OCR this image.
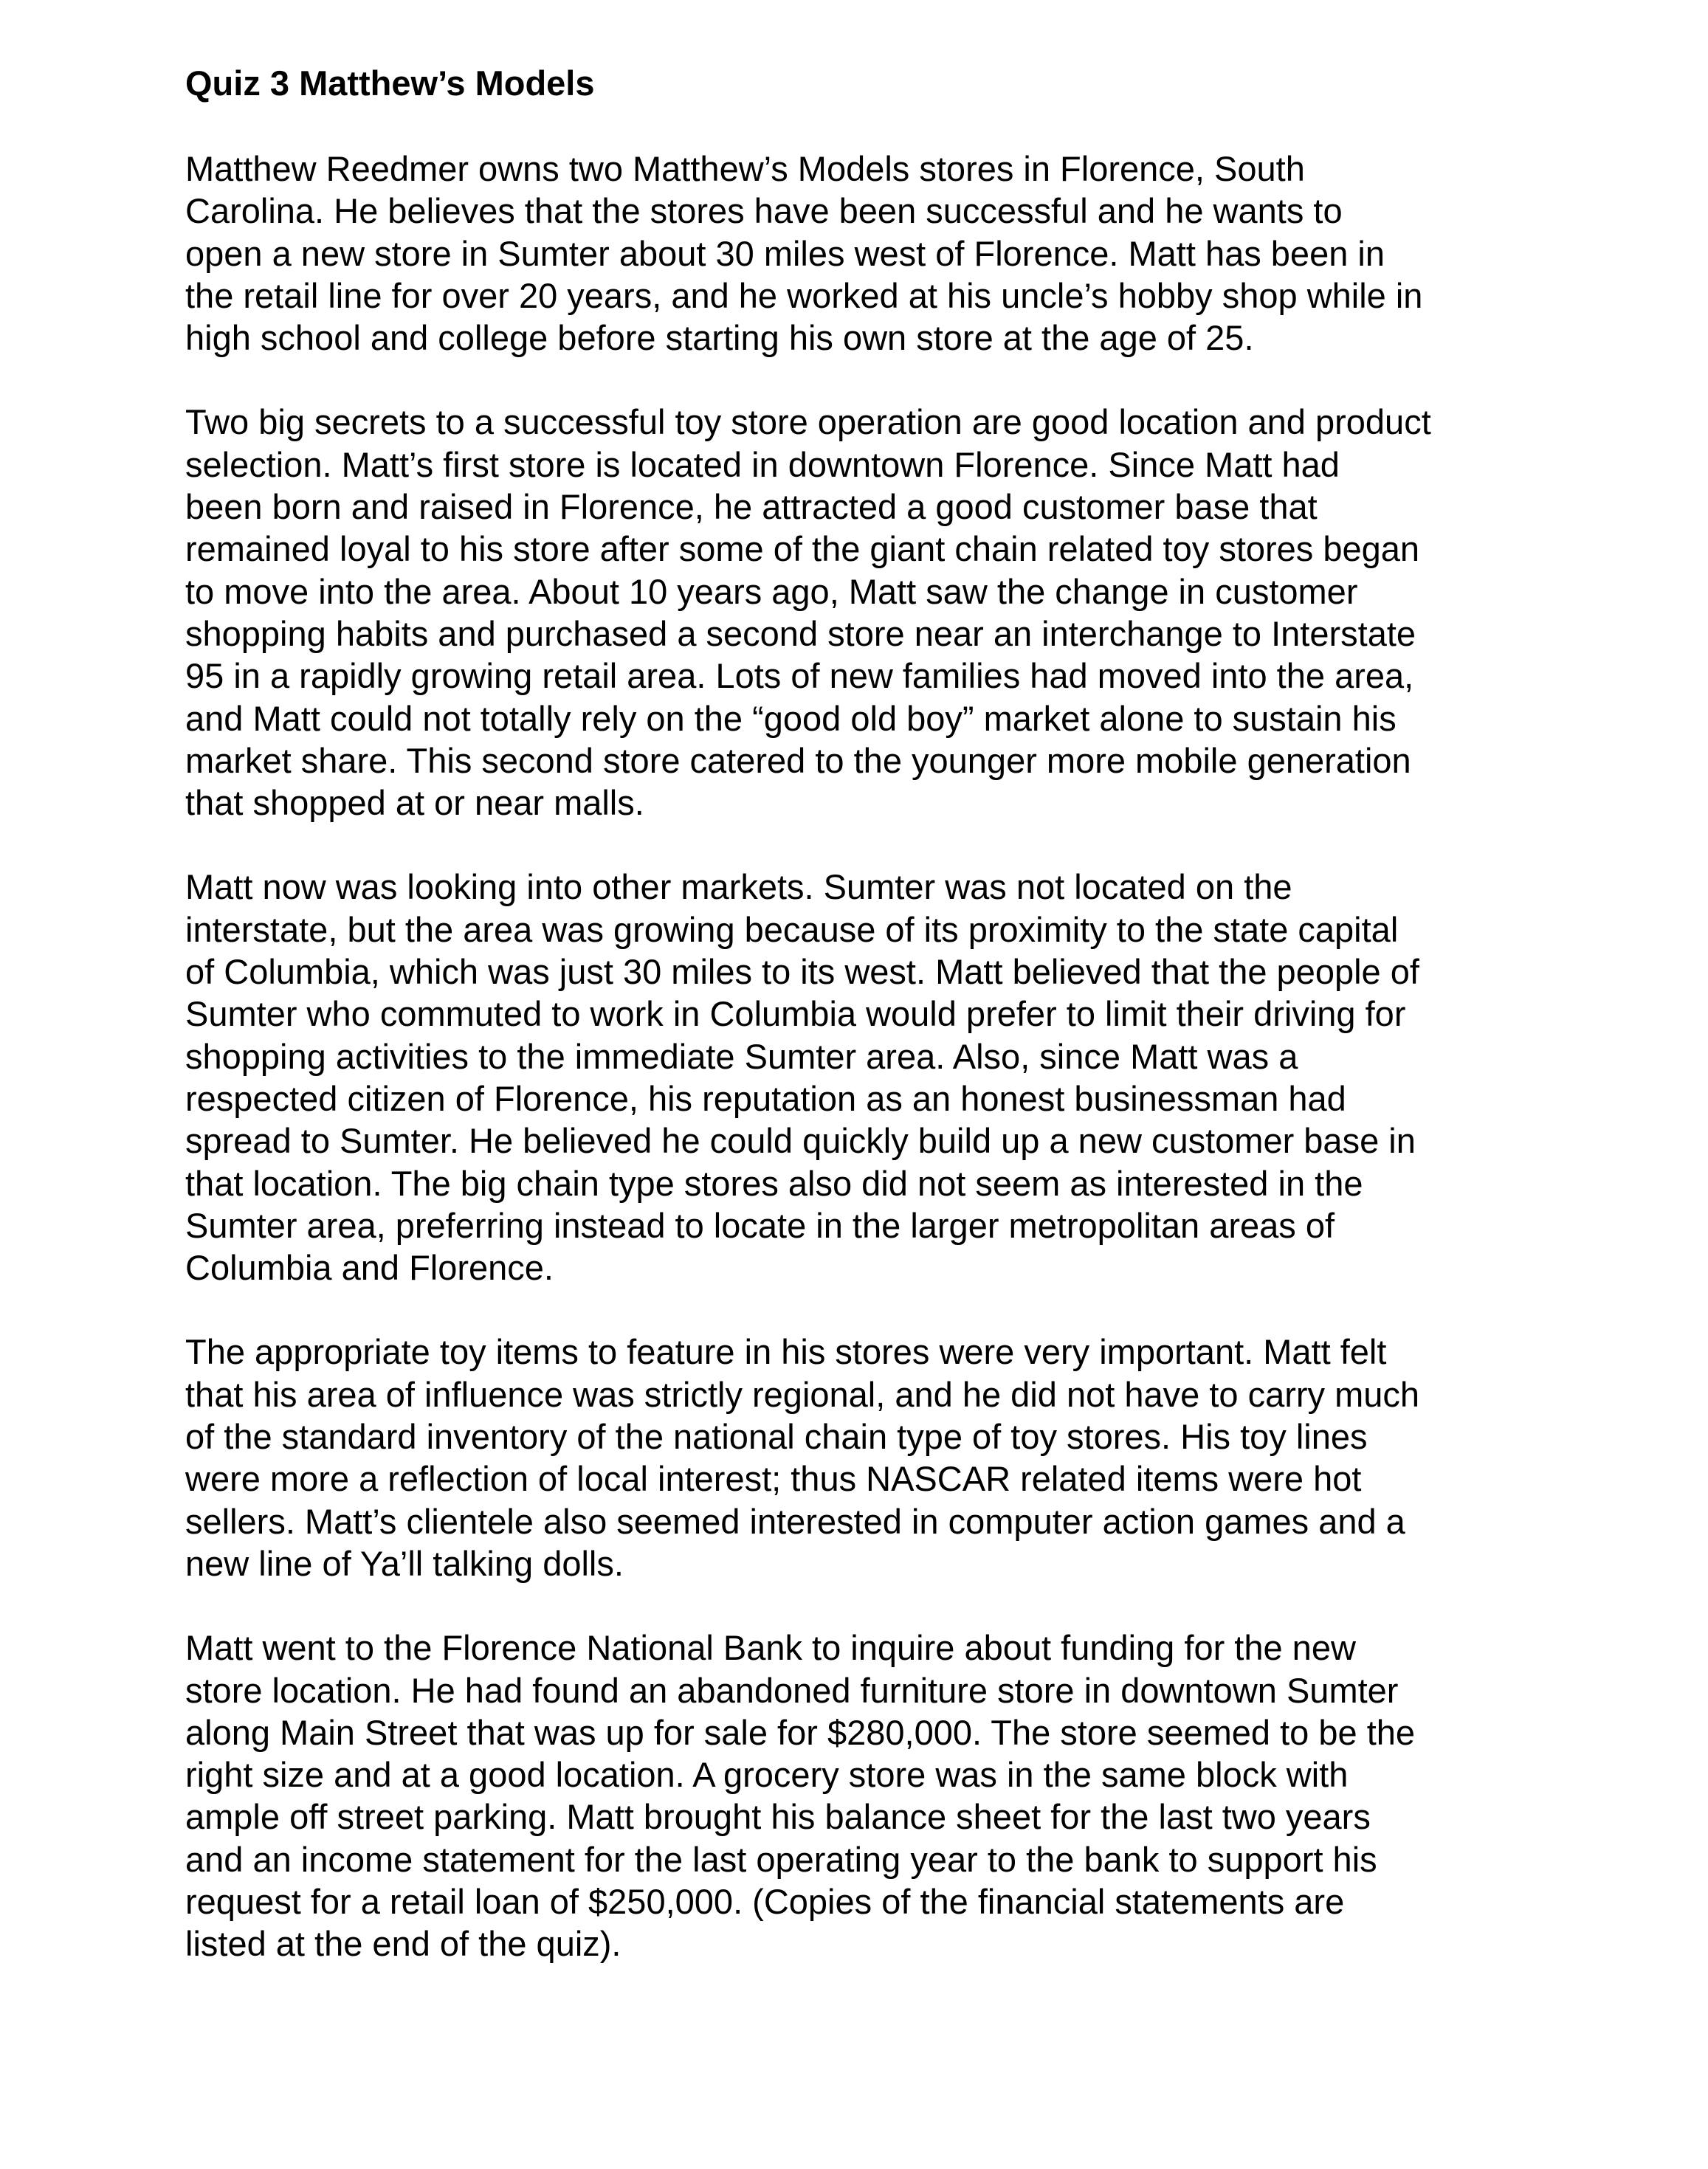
Quiz 3 Matthew’s Models
Matthew Reedmer owns two Matthew’s Models stores in Florence, South
Carolina. He believes that the stores have been successful and he wants to
open a new store in Sumter about 30 miles west of Florence. Matt has been in
the retail line for over 20 years, and he worked at his uncle’s hobby shop while in
high school and college before starting his own store at the age of 25.
Two big secrets to a successful toy store operation are good location and product
selection. Matt’s first store is located in downtown Florence. Since Matt had
been born and raised in Florence, he attracted a good customer base that
remained loyal to his store after some of the giant chain related toy stores began
to move into the area. About 10 years ago, Matt saw the change in customer
shopping habits and purchased a second store near an interchange to Interstate
95 in a rapidly growing retail area. Lots of new families had moved into the area,
and Matt could not totally rely on the “good old boy” market alone to sustain his
market share. This second store catered to the younger more mobile generation
that shopped at or near malls.
Matt now was looking into other markets. Sumter was not located on the
interstate, but the area was growing because of its proximity to the state capital
of Columbia, which was just 30 miles to its west. Matt believed that the people of
Sumter who commuted to work in Columbia would prefer to limit their driving for
shopping activities to the immediate Sumter area. Also, since Matt was a
respected citizen of Florence, his reputation as an honest businessman had
spread to Sumter. He believed he could quickly build up a new customer base in
that location. The big chain type stores also did not seem as interested in the
Sumter area, preferring instead to locate in the larger metropolitan areas of
Columbia and Florence.
The appropriate toy items to feature in his stores were very important. Matt felt
that his area of influence was strictly regional, and he did not have to carry much
of the standard inventory of the national chain type of toy stores. His toy lines
were more a reflection of local interest; thus NASCAR related items were hot
sellers. Matt’s clientele also seemed interested in computer action games and a
new line of Ya’ll talking dolls.
Matt went to the Florence National Bank to inquire about funding for the new
store location. He had found an abandoned furniture store in downtown Sumter
along Main Street that was up for sale for $280,000. The store seemed to be the
right size and at a good location. A grocery store was in the same block with
ample off street parking. Matt brought his balance sheet for the last two years
and an income statement for the last operating year to the bank to support his
request for a retail loan of $250,000. (Copies of the financial statements are
listed at the end of the quiz).
